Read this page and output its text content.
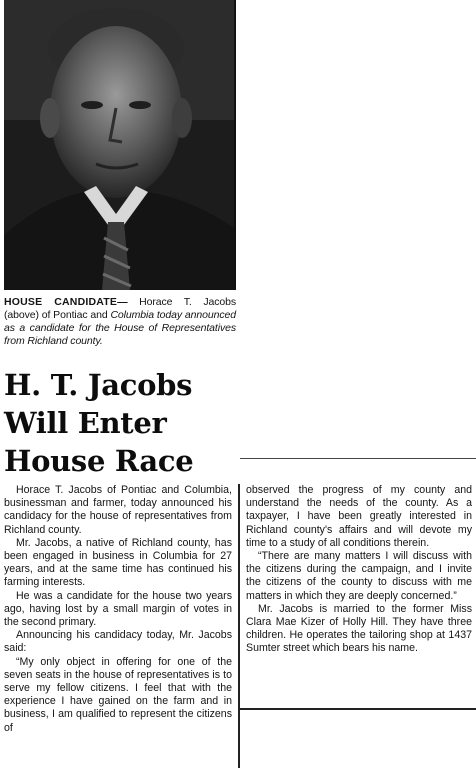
HOUSE CANDIDATE— Horace T. Jacobs (above) of Pontiac and Columbia today announced as a candidate for the House of Representatives from Richland county.
H. T. Jacobs
Will Enter
House Race

Horace T. Jacobs of Pontiac and Columbia, businessman and farmer, today announced his candidacy for the house of representatives from Richland county.

Mr. Jacobs, a native of Richland county, has been engaged in business in Columbia for 27 years, and at the same time has continued his farming interests.

He was a candidate for the house two years ago, having lost by a small margin of votes in the second primary.

Announcing his candidacy today, Mr. Jacobs said:

“My only object in offering for one of the seven seats in the house of representatives is to serve my fellow citizens. I feel that with the experience I have gained on the farm and in business, I am qualified to represent the citizens of

observed the progress of my county and understand the needs of the county. As a taxpayer, I have been greatly interested in Richland county's affairs and will devote my time to a study of all conditions therein.

“There are many matters I will discuss with the citizens during the campaign, and I invite the citizens of the county to discuss with me matters in which they are deeply concerned.”

Mr. Jacobs is married to the former Miss Clara Mae Kizer of Holly Hill. They have three children. He operates the tailoring shop at 1437 Sumter street which bears his name.
